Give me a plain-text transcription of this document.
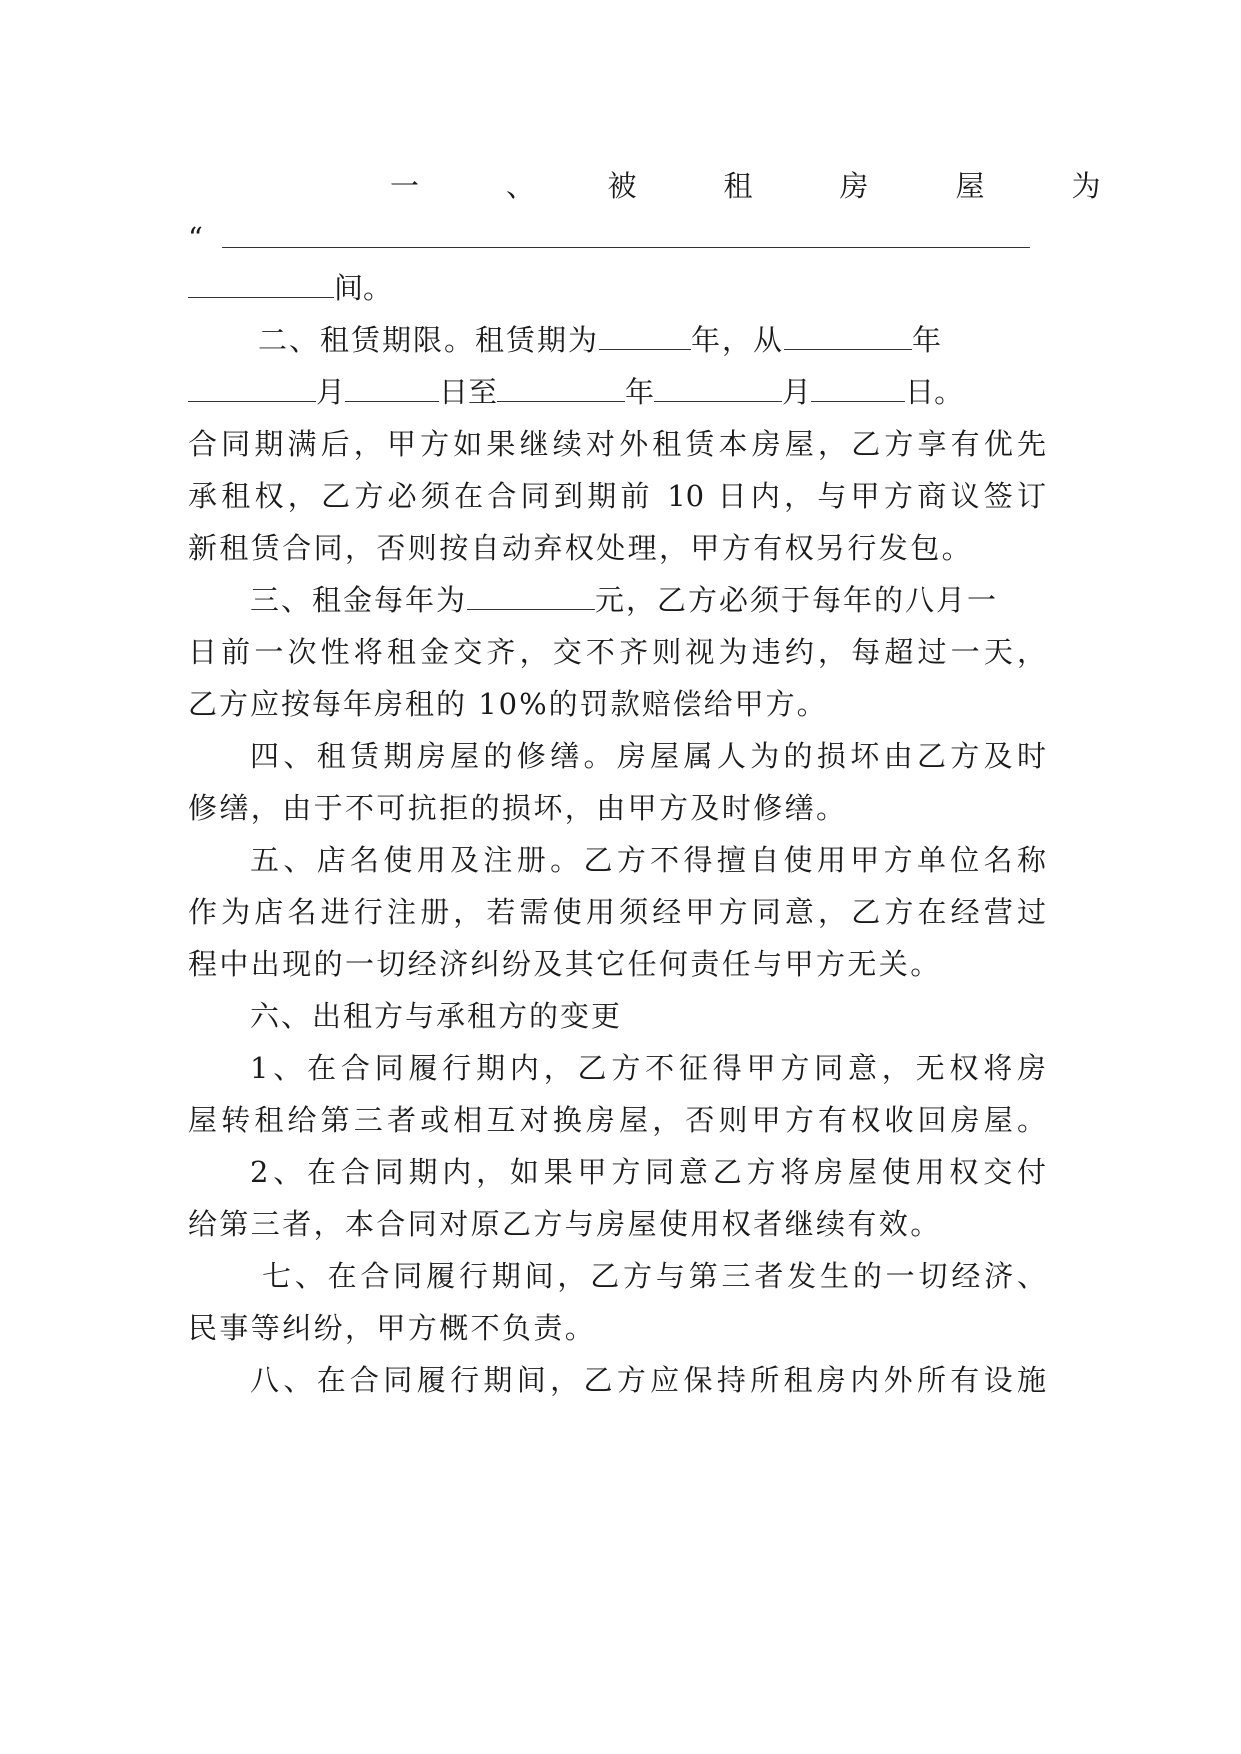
一　　　、　　　被　　　租　　　房　　　屋　　　为
“
间。
二、租赁期限。租赁期为	年，从	年
月	日至	年	月	日。
合同期满后，甲方如果继续对外租赁本房屋，乙方享有优先
承租权，乙方必须在合同到期前 10 日内，与甲方商议签订
新租赁合同，否则按自动弃权处理，甲方有权另行发包。
三、租金每年为	元，乙方必须于每年的八月一
日前一次性将租金交齐，交不齐则视为违约，每超过一天，
乙方应按每年房租的 10%的罚款赔偿给甲方。
四、租赁期房屋的修缮。房屋属人为的损坏由乙方及时
修缮，由于不可抗拒的损坏，由甲方及时修缮。
五、店名使用及注册。乙方不得擅自使用甲方单位名称
作为店名进行注册，若需使用须经甲方同意，乙方在经营过
程中出现的一切经济纠纷及其它任何责任与甲方无关。
六、出租方与承租方的变更
1、在合同履行期内，乙方不征得甲方同意，无权将房
屋转租给第三者或相互对换房屋，否则甲方有权收回房屋。
2、在合同期内，如果甲方同意乙方将房屋使用权交付
给第三者，本合同对原乙方与房屋使用权者继续有效。
七、在合同履行期间，乙方与第三者发生的一切经济、
民事等纠纷，甲方概不负责。
八、在合同履行期间，乙方应保持所租房内外所有设施
